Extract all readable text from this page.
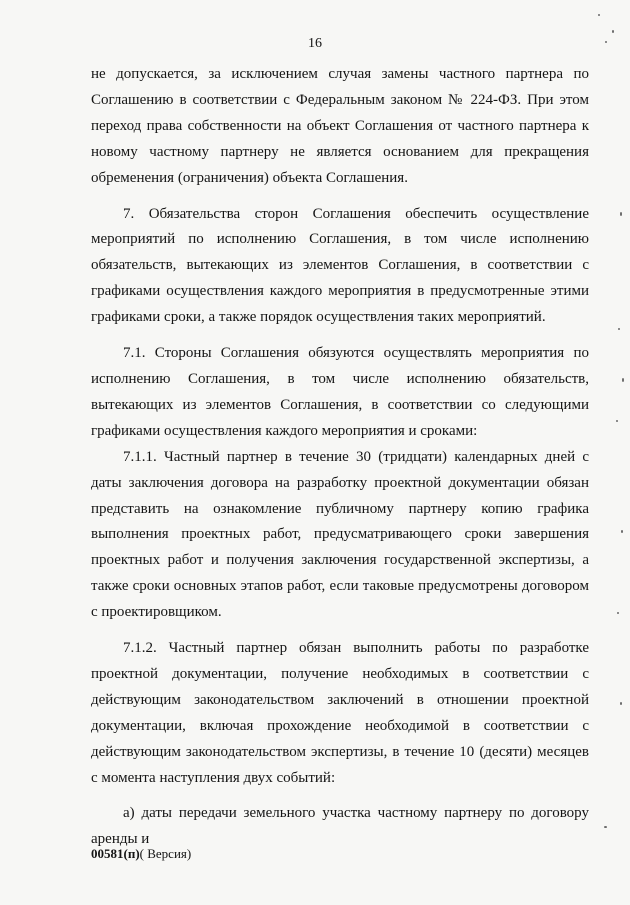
16

не допускается, за исключением случая замены частного партнера по Соглашению в соответствии с Федеральным законом № 224-ФЗ. При этом переход права собственности на объект Соглашения от частного партнера к новому частному партнеру не является основанием для прекращения обременения (ограничения) объекта Соглашения.

7. Обязательства сторон Соглашения обеспечить осуществление мероприятий по исполнению Соглашения, в том числе исполнению обязательств, вытекающих из элементов Соглашения, в соответствии с графиками осуществления каждого мероприятия в предусмотренные этими графиками сроки, а также порядок осуществления таких мероприятий.

7.1. Стороны Соглашения обязуются осуществлять мероприятия по исполнению Соглашения, в том числе исполнению обязательств, вытекающих из элементов Соглашения, в соответствии со следующими графиками осуществления каждого мероприятия и сроками:

7.1.1. Частный партнер в течение 30 (тридцати) календарных дней с даты заключения договора на разработку проектной документации обязан представить на ознакомление публичному партнеру копию графика выполнения проектных работ, предусматривающего сроки завершения проектных работ и получения заключения государственной экспертизы, а также сроки основных этапов работ, если таковые предусмотрены договором с проектировщиком.

7.1.2. Частный партнер обязан выполнить работы по разработке проектной документации, получение необходимых в соответствии с действующим законодательством заключений в отношении проектной документации, включая прохождение необходимой в соответствии с действующим законодательством экспертизы, в течение 10 (десяти) месяцев с момента наступления двух событий:

а) даты передачи земельного участка частному партнеру по договору аренды и

00581(п)( Версия)
